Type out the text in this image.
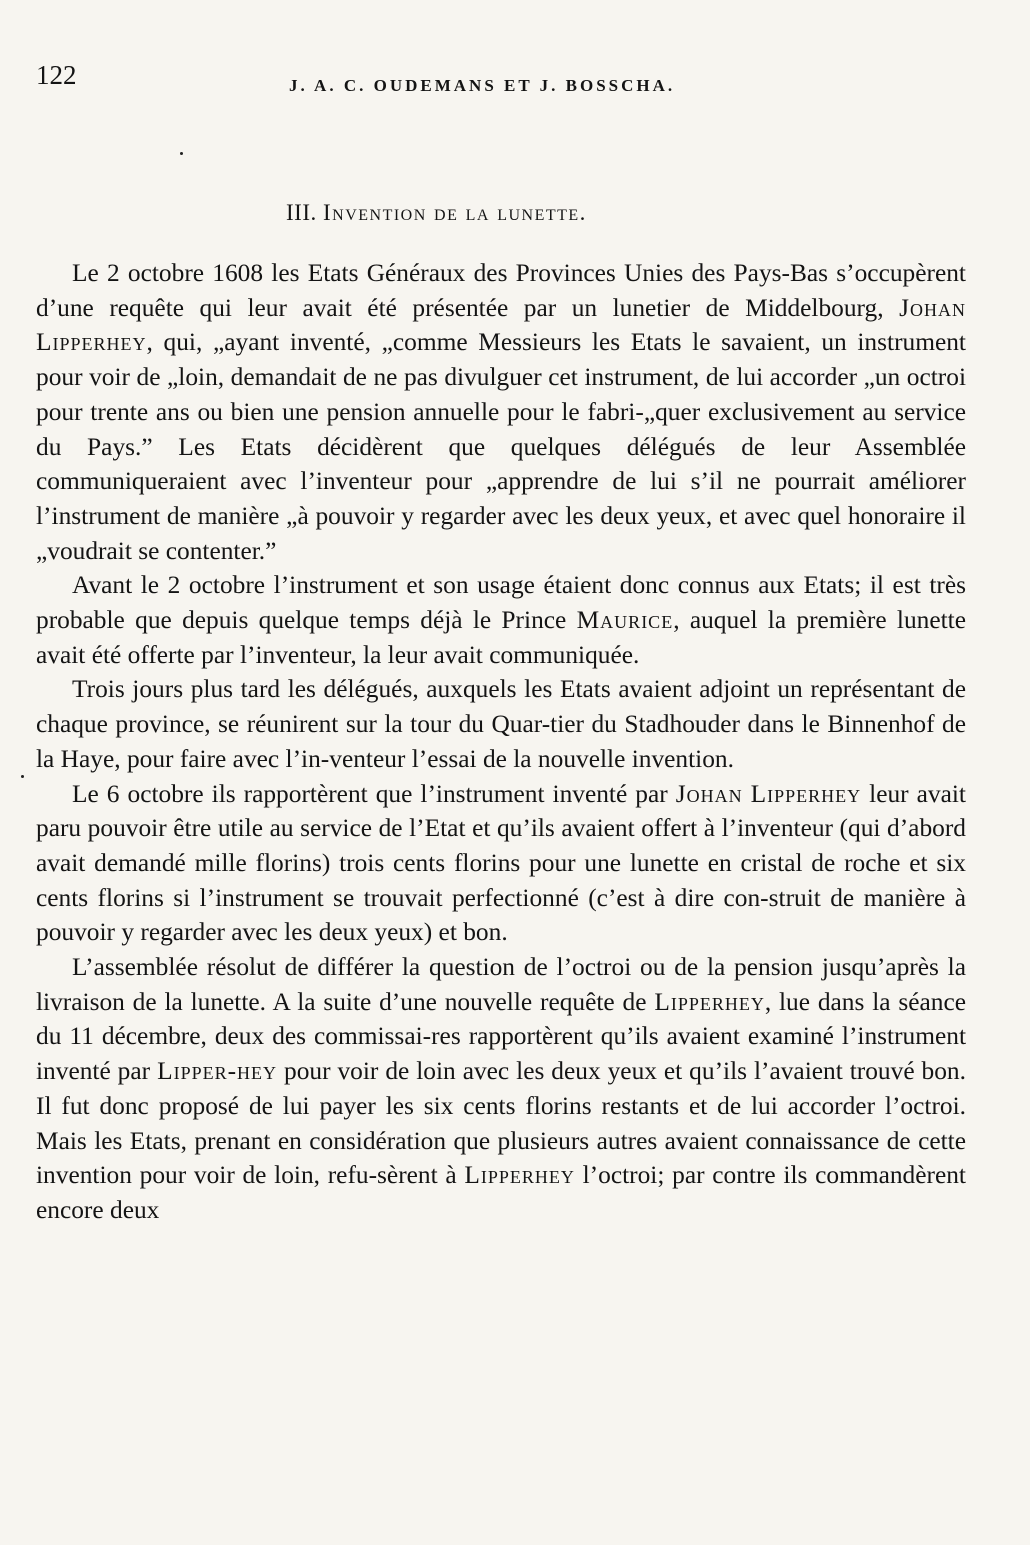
122	J. A. C. OUDEMANS ET J. BOSSCHA.
III. Invention de la lunette.

Le 2 octobre 1608 les Etats Généraux des Provinces Unies des Pays-Bas s’occupèrent d’une requête qui leur avait été présentée par un lunetier de Middelbourg, Johan Lipperhey, qui, „ayant inventé, „comme Messieurs les Etats le savaient, un instrument pour voir de „loin, demandait de ne pas divulguer cet instrument, de lui accorder „un octroi pour trente ans ou bien une pension annuelle pour le fabri-„quer exclusivement au service du Pays.” Les Etats décidèrent que quelques délégués de leur Assemblée communiqueraient avec l’inventeur pour „apprendre de lui s’il ne pourrait améliorer l’instrument de manière „à pouvoir y regarder avec les deux yeux, et avec quel honoraire il „voudrait se contenter.”

Avant le 2 octobre l’instrument et son usage étaient donc connus aux Etats; il est très probable que depuis quelque temps déjà le Prince Maurice, auquel la première lunette avait été offerte par l’inventeur, la leur avait communiquée.

Trois jours plus tard les délégués, auxquels les Etats avaient adjoint un représentant de chaque province, se réunirent sur la tour du Quar-tier du Stadhouder dans le Binnenhof de la Haye, pour faire avec l’in-venteur l’essai de la nouvelle invention.

Le 6 octobre ils rapportèrent que l’instrument inventé par Johan Lipperhey leur avait paru pouvoir être utile au service de l’Etat et qu’ils avaient offert à l’inventeur (qui d’abord avait demandé mille florins) trois cents florins pour une lunette en cristal de roche et six cents florins si l’instrument se trouvait perfectionné (c’est à dire con-struit de manière à pouvoir y regarder avec les deux yeux) et bon.

L’assemblée résolut de différer la question de l’octroi ou de la pension jusqu’après la livraison de la lunette. A la suite d’une nouvelle requête de Lipperhey, lue dans la séance du 11 décembre, deux des commissai-res rapportèrent qu’ils avaient examiné l’instrument inventé par Lipper-hey pour voir de loin avec les deux yeux et qu’ils l’avaient trouvé bon. Il fut donc proposé de lui payer les six cents florins restants et de lui accorder l’octroi. Mais les Etats, prenant en considération que plusieurs autres avaient connaissance de cette invention pour voir de loin, refu-sèrent à Lipperhey l’octroi; par contre ils commandèrent encore deux
